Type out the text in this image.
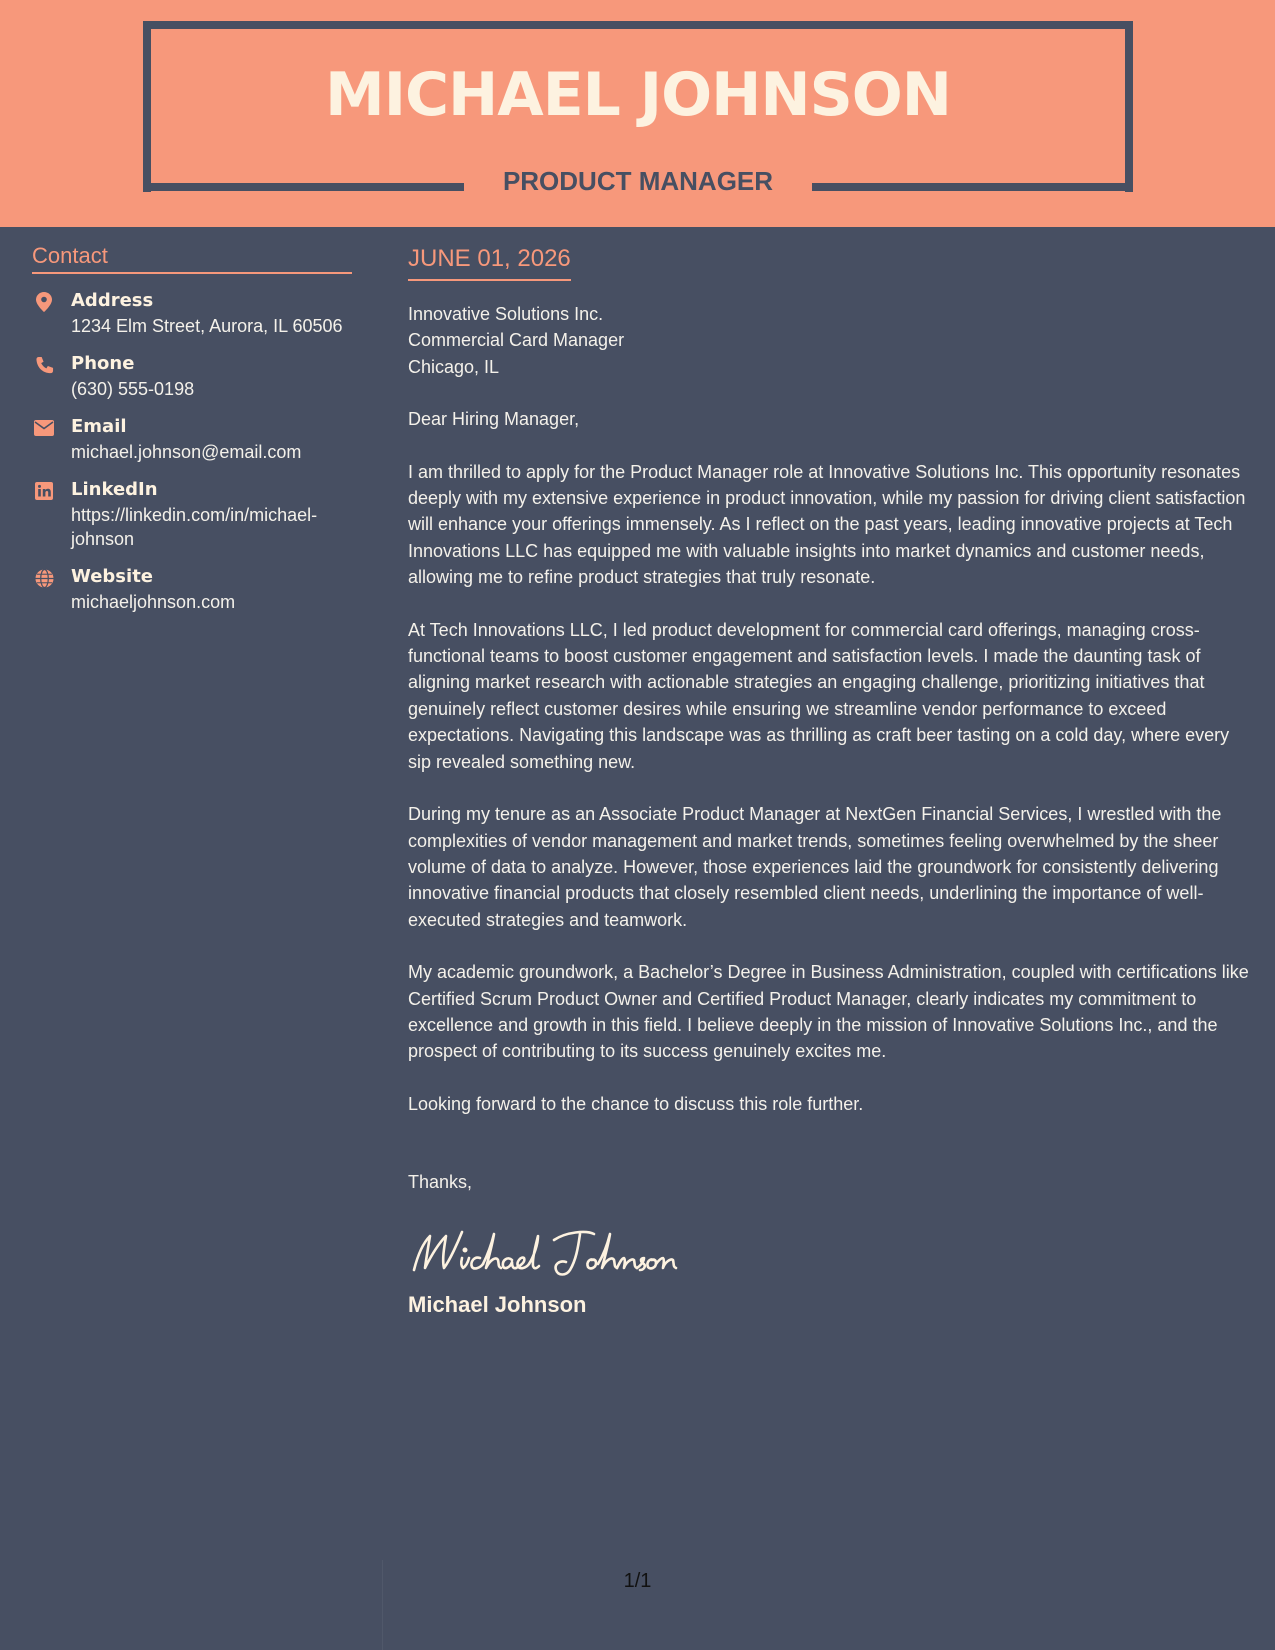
MICHAEL JOHNSON
PRODUCT MANAGER
Contact
Address
1234 Elm Street, Aurora, IL 60506
Phone
(630) 555-0198
Email
michael.johnson@email.com
LinkedIn
https://linkedin.com/in/michael-johnson
Website
michaeljohnson.com
JUNE 01, 2026
Innovative Solutions Inc.
Commercial Card Manager
Chicago, IL
Dear Hiring Manager,

I am thrilled to apply for the Product Manager role at Innovative Solutions Inc. This opportunity resonates deeply with my extensive experience in product innovation, while my passion for driving client satisfaction will enhance your offerings immensely. As I reflect on the past years, leading innovative projects at Tech Innovations LLC has equipped me with valuable insights into market dynamics and customer needs, allowing me to refine product strategies that truly resonate.

At Tech Innovations LLC, I led product development for commercial card offerings, managing cross-functional teams to boost customer engagement and satisfaction levels. I made the daunting task of aligning market research with actionable strategies an engaging challenge, prioritizing initiatives that genuinely reflect customer desires while ensuring we streamline vendor performance to exceed expectations. Navigating this landscape was as thrilling as craft beer tasting on a cold day, where every sip revealed something new.

During my tenure as an Associate Product Manager at NextGen Financial Services, I wrestled with the complexities of vendor management and market trends, sometimes feeling overwhelmed by the sheer volume of data to analyze. However, those experiences laid the groundwork for consistently delivering innovative financial products that closely resembled client needs, underlining the importance of well-executed strategies and teamwork.

My academic groundwork, a Bachelor’s Degree in Business Administration, coupled with certifications like Certified Scrum Product Owner and Certified Product Manager, clearly indicates my commitment to excellence and growth in this field. I believe deeply in the mission of Innovative Solutions Inc., and the prospect of contributing to its success genuinely excites me.

Looking forward to the chance to discuss this role further.

Thanks,
Michael Johnson
1/1
